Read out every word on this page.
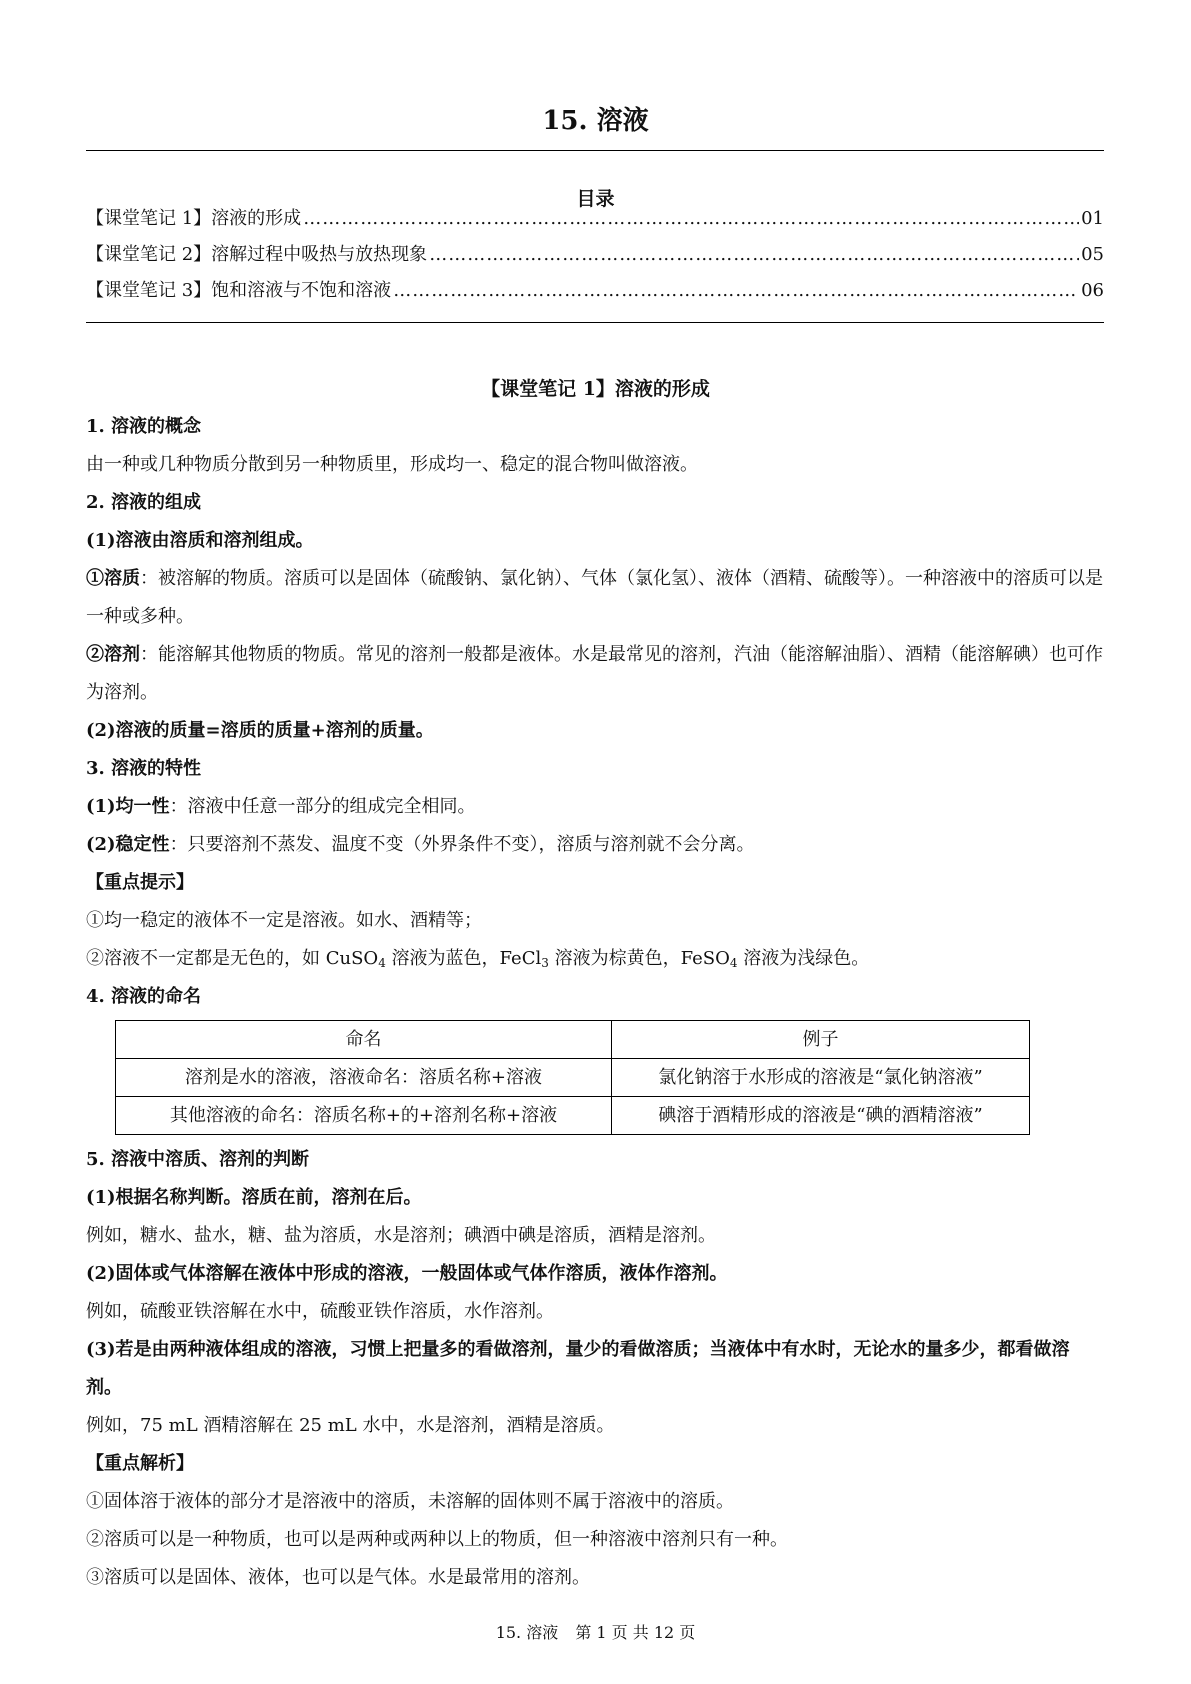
15. 溶液
目录
【课堂笔记 1】溶液的形成 ……………………………………………………………………………………………………………………………………………………………………………………………………………………	01
【课堂笔记 2】溶解过程中吸热与放热现象 ……………………………………………………………………………………………………………………………………………………………………………………………………………………	05
【课堂笔记 3】饱和溶液与不饱和溶液 ……………………………………………………………………………………………………………………………………………………………………………………………………………………	06
【课堂笔记 1】溶液的形成

1. 溶液的概念

由一种或几种物质分散到另一种物质里，形成均一、稳定的混合物叫做溶液。

2. 溶液的组成

(1)溶液由溶质和溶剂组成。

①溶质：被溶解的物质。溶质可以是固体（硫酸钠、氯化钠）、气体（氯化氢）、液体（酒精、硫酸等）。一种溶液中的溶质可以是一种或多种。

②溶剂：能溶解其他物质的物质。常见的溶剂一般都是液体。水是最常见的溶剂，汽油（能溶解油脂）、酒精（能溶解碘）也可作为溶剂。

(2)溶液的质量=溶质的质量+溶剂的质量。

3. 溶液的特性

(1)均一性：溶液中任意一部分的组成完全相同。

(2)稳定性：只要溶剂不蒸发、温度不变（外界条件不变），溶质与溶剂就不会分离。

【重点提示】

①均一稳定的液体不一定是溶液。如水、酒精等；

②溶液不一定都是无色的，如 CuSO$_4$ 溶液为蓝色，FeCl$_3$ 溶液为棕黄色，FeSO$_4$ 溶液为浅绿色。

4. 溶液的命名

命名	例子
溶剂是水的溶液，溶液命名：溶质名称+溶液	氯化钠溶于水形成的溶液是“氯化钠溶液”
其他溶液的命名：溶质名称+的+溶剂名称+溶液	碘溶于酒精形成的溶液是“碘的酒精溶液”

5. 溶液中溶质、溶剂的判断

(1)根据名称判断。溶质在前，溶剂在后。

例如，糖水、盐水，糖、盐为溶质，水是溶剂；碘酒中碘是溶质，酒精是溶剂。

(2)固体或气体溶解在液体中形成的溶液，一般固体或气体作溶质，液体作溶剂。

例如，硫酸亚铁溶解在水中，硫酸亚铁作溶质，水作溶剂。

(3)若是由两种液体组成的溶液，习惯上把量多的看做溶剂，量少的看做溶质；当液体中有水时，无论水的量多少，都看做溶剂。

例如，75 mL 酒精溶解在 25 mL 水中，水是溶剂，酒精是溶质。

【重点解析】

①固体溶于液体的部分才是溶液中的溶质，未溶解的固体则不属于溶液中的溶质。

②溶质可以是一种物质，也可以是两种或两种以上的物质，但一种溶液中溶剂只有一种。

③溶质可以是固体、液体，也可以是气体。水是最常用的溶剂。

15. 溶液 第 1 页 共 12 页
